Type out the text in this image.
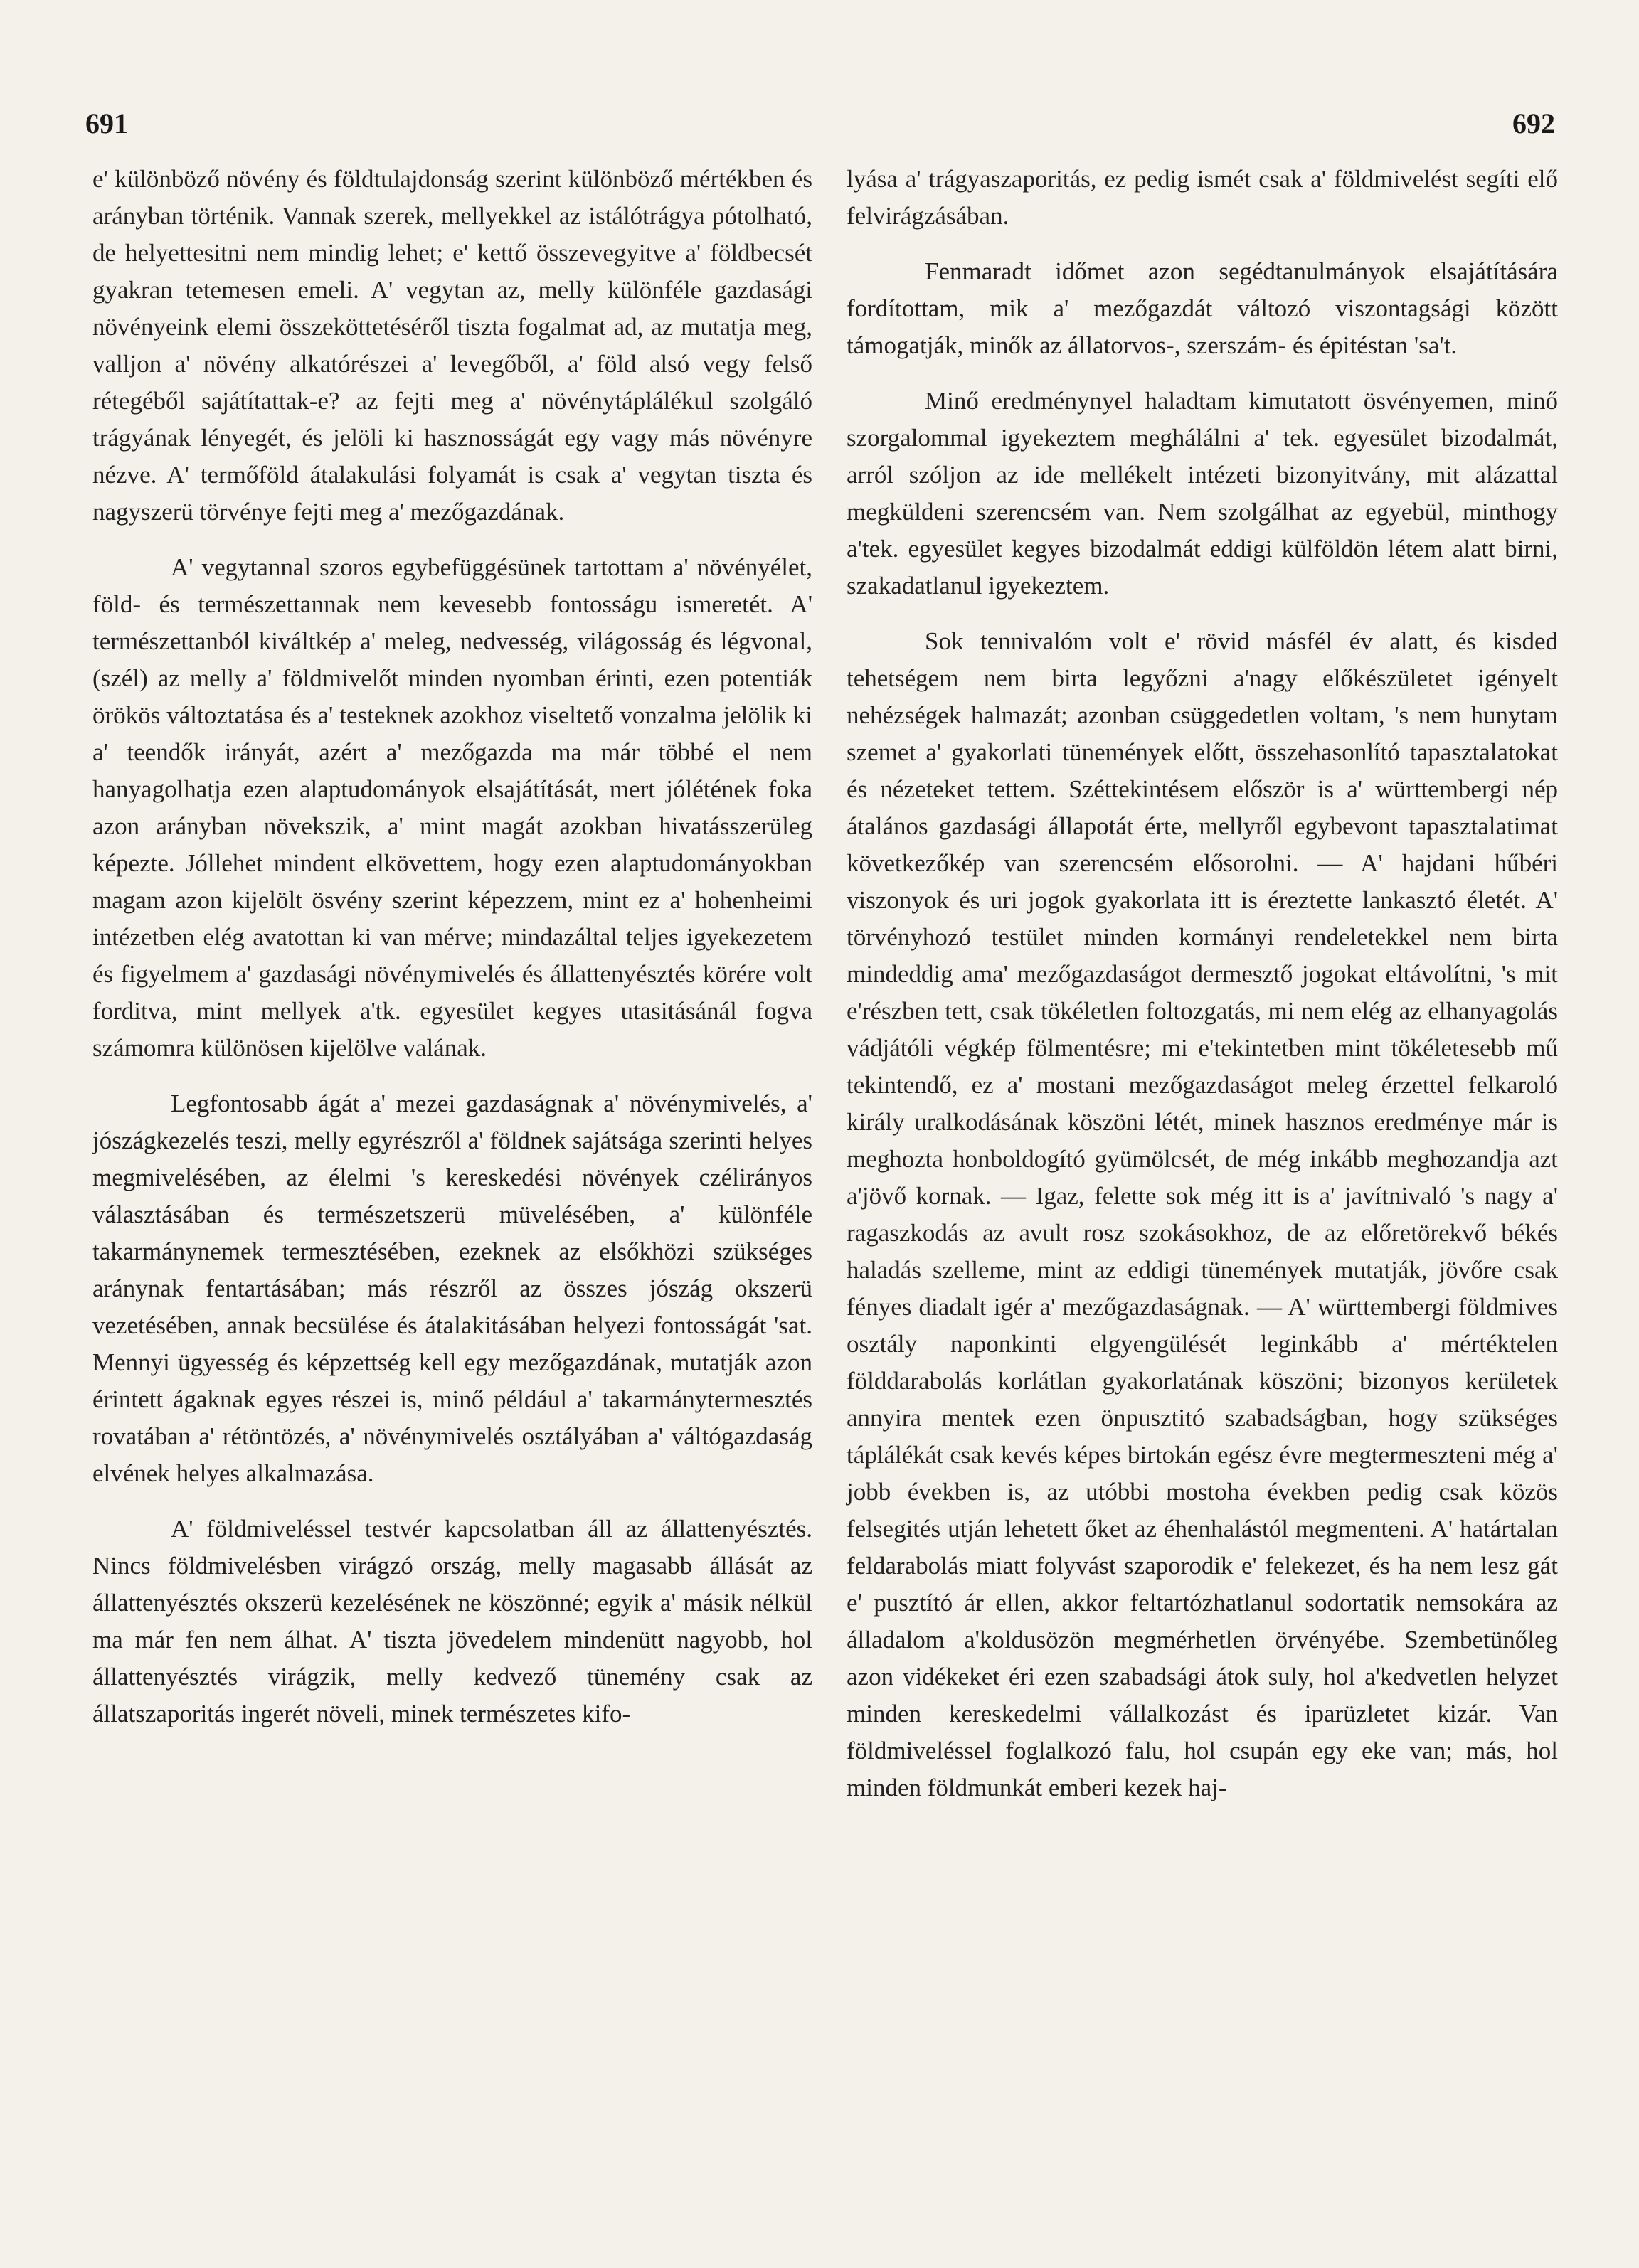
691	692

e' különböző növény és földtulajdonság szerint különböző mértékben és arányban történik. Vannak szerek, mellyekkel az istálótrágya pótolható, de helyettesitni nem mindig lehet; e' kettő összevegyitve a' földbecsét gyakran tetemesen emeli. A' vegytan az, melly különféle gazdasági növényeink elemi összeköttetéséről tiszta fogalmat ad, az mutatja meg, valljon a' növény alkatórészei a' levegőből, a' föld alsó vegy felső rétegéből sajátítattak-e? az fejti meg a' növénytáplálékul szolgáló trágyának lényegét, és jelöli ki hasznosságát egy vagy más növényre nézve. A' termőföld átalakulási folyamát is csak a' vegytan tiszta és nagyszerü törvénye fejti meg a' mezőgazdának.

A' vegytannal szoros egybefüggésünek tartottam a' növényélet, föld- és természettannak nem kevesebb fontosságu ismeretét. A' természettanból kiváltkép a' meleg, nedvesség, világosság és légvonal,(szél) az melly a' földmivelőt minden nyomban érinti, ezen potentiák örökös változtatása és a' testeknek azokhoz viseltető vonzalma jelölik ki a' teendők irányát, azért a' mezőgazda ma már többé el nem hanyagolhatja ezen alaptudományok elsajátítását, mert jólétének foka azon arányban növekszik, a' mint magát azokban hivatásszerüleg képezte. Jóllehet mindent elkövettem, hogy ezen alaptudományokban magam azon kijelölt ösvény szerint képezzem, mint ez a' hohenheimi intézetben elég avatottan ki van mérve; mindazáltal teljes igyekezetem és figyelmem a' gazdasági növénymivelés és állattenyésztés körére volt forditva, mint mellyek a'tk. egyesület kegyes utasitásánál fogva számomra különösen kijelölve valának.

Legfontosabb ágát a' mezei gazdaságnak a' növénymivelés, a' jószágkezelés teszi, melly egyrészről a' földnek sajátsága szerinti helyes megmivelésében, az élelmi 's kereskedési növények czélirányos választásában és természetszerü müvelésében, a' különféle takarmánynemek termesztésében, ezeknek az elsőkhözi szükséges aránynak fentartásában; más részről az összes jószág okszerü vezetésében, annak becsülése és átalakitásában helyezi fontosságát 'sat. Mennyi ügyesség és képzettség kell egy mezőgazdának, mutatják azon érintett ágaknak egyes részei is, minő például a' takarmánytermesztés rovatában a' rétöntözés, a' növénymivelés osztályában a' váltógazdaság elvének helyes alkalmazása.

A' földmiveléssel testvér kapcsolatban áll az állattenyésztés. Nincs földmivelésben virágzó ország, melly magasabb állását az állattenyésztés okszerü kezelésének ne köszönné; egyik a' másik nélkül ma már fen nem álhat. A' tiszta jövedelem mindenütt nagyobb, hol állattenyésztés virágzik, melly kedvező tünemény csak az állatszaporitás ingerét növeli, minek természetes kifo-

lyása a' trágyaszaporitás, ez pedig ismét csak a' földmivelést segíti elő felvirágzásában.

Fenmaradt időmet azon segédtanulmányok elsajátítására fordítottam, mik a' mezőgazdát változó viszontagsági között támogatják, minők az állatorvos-, szerszám- és épitéstan 'sa't.

Minő eredménynyel haladtam kimutatott ösvényemen, minő szorgalommal igyekeztem meghálálni a' tek. egyesület bizodalmát, arról szóljon az ide mellékelt intézeti bizonyitvány, mit alázattal megküldeni szerencsém van. Nem szolgálhat az egyebül, minthogy a'tek. egyesület kegyes bizodalmát eddigi külföldön létem alatt birni, szakadatlanul igyekeztem.

Sok tennivalóm volt e' rövid másfél év alatt, és kisded tehetségem nem birta legyőzni a'nagy előkészületet igényelt nehézségek halmazát; azonban csüggedetlen voltam, 's nem hunytam szemet a' gyakorlati tünemények előtt, összehasonlító tapasztalatokat és nézeteket tettem. Széttekintésem először is a' württembergi nép átalános gazdasági állapotát érte, mellyről egybevont tapasztalatimat következőkép van szerencsém elősorolni. — A' hajdani hűbéri viszonyok és uri jogok gyakorlata itt is éreztette lankasztó életét. A' törvényhozó testület minden kormányi rendeletekkel nem birta mindeddig ama' mezőgazdaságot dermesztő jogokat eltávolítni, 's mit e'részben tett, csak tökéletlen foltozgatás, mi nem elég az elhanyagolás vádjátóli végkép fölmentésre; mi e'tekintetben mint tökéletesebb mű tekintendő, ez a' mostani mezőgazdaságot meleg érzettel felkaroló király uralkodásának köszöni létét, minek hasznos eredménye már is meghozta honboldogító gyümölcsét, de még inkább meghozandja azt a'jövő kornak. — Igaz, felette sok még itt is a' javítnivaló 's nagy a' ragaszkodás az avult rosz szokásokhoz, de az előretörekvő békés haladás szelleme, mint az eddigi tünemények mutatják, jövőre csak fényes diadalt igér a' mezőgazdaságnak. — A' württembergi földmives osztály naponkinti elgyengülését leginkább a' mértéktelen földdarabolás korlátlan gyakorlatának köszöni; bizonyos kerületek annyira mentek ezen önpusztitó szabadságban, hogy szükséges táplálékát csak kevés képes birtokán egész évre megtermeszteni még a' jobb években is, az utóbbi mostoha években pedig csak közös felsegités utján lehetett őket az éhenhalástól megmenteni. A' határtalan feldarabolás miatt folyvást szaporodik e' felekezet, és ha nem lesz gát e' pusztító ár ellen, akkor feltartózhatlanul sodortatik nemsokára az álladalom a'koldusözön megmérhetlen örvényébe. Szembetünőleg azon vidékeket éri ezen szabadsági átok suly, hol a'kedvetlen helyzet minden kereskedelmi vállalkozást és iparüzletet kizár. Van földmiveléssel foglalkozó falu, hol csupán egy eke van; más, hol minden földmunkát emberi kezek haj-
